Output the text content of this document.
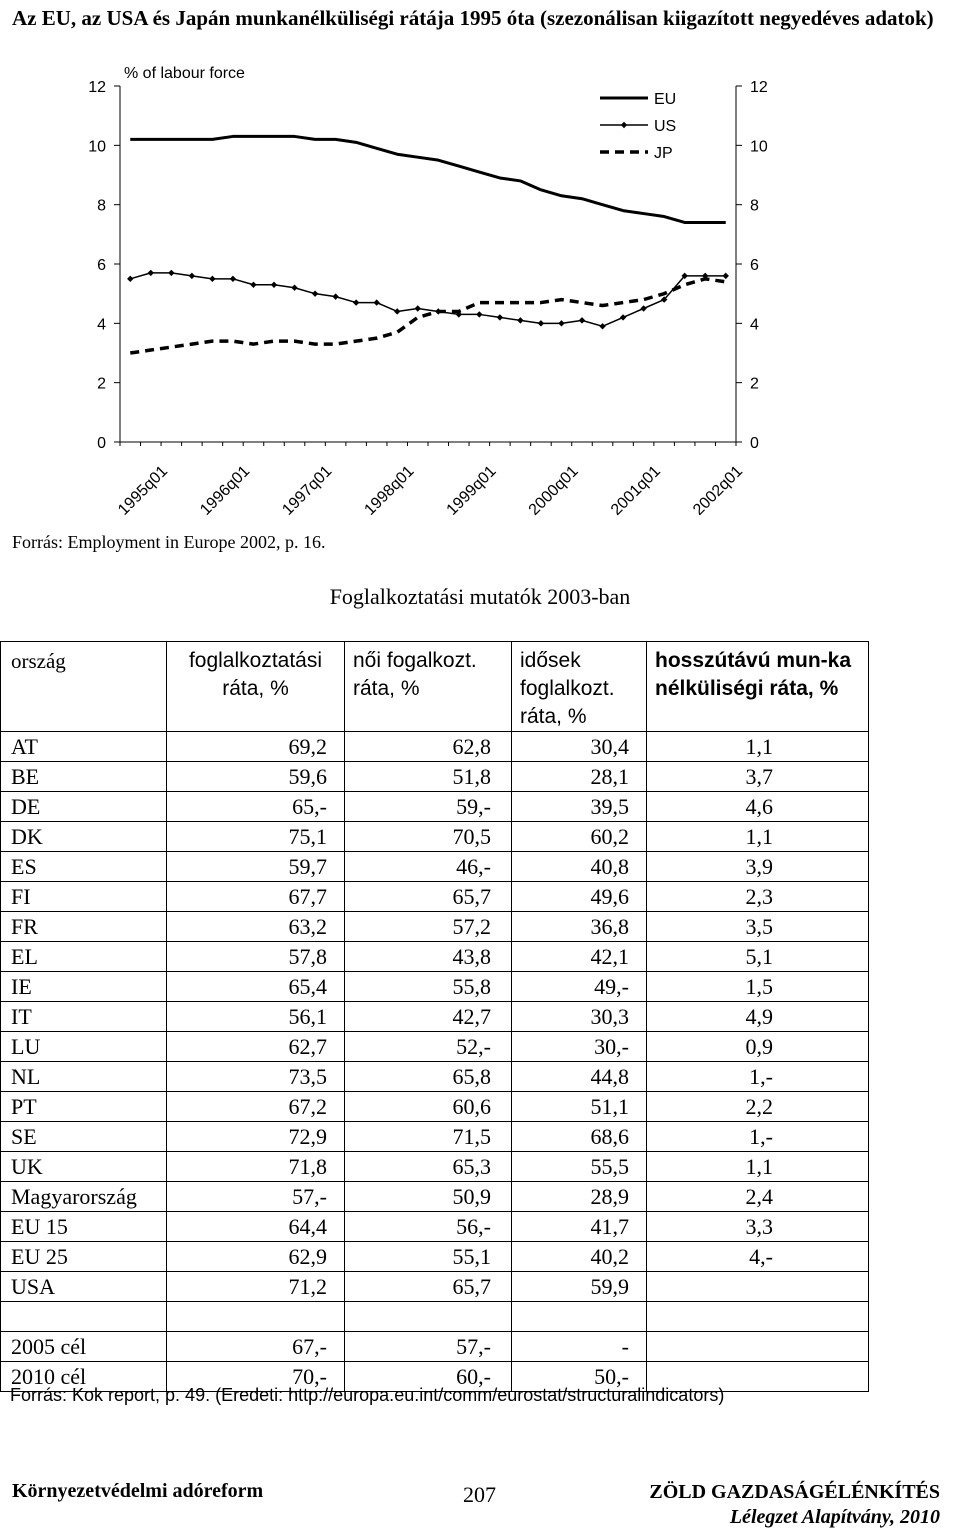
Az EU, az USA és Japán munkanélküliségi rátája 1995 óta (szezonálisan kiigazított negyedéves adatok)
% of labour force
0
2
4
6
8
10
12
0
2
4
6
8
10
12
1995q01 1996q01 1997q01 1998q01 1999q01 2000q01 2001q01 2002q01
EU
US
JP
Forrás: Employment in Europe 2002, p. 16.
Foglalkoztatási mutatók 2003-ban
ország	foglalkoztatási ráta, %	női fogalkozt. ráta, %	idősek foglalkozt. ráta, %	hosszútávú mun-ka nélküliségi ráta, %
AT	69,2	62,8	30,4	1,1
BE	59,6	51,8	28,1	3,7
DE	65,-	59,-	39,5	4,6
DK	75,1	70,5	60,2	1,1
ES	59,7	46,-	40,8	3,9
FI	67,7	65,7	49,6	2,3
FR	63,2	57,2	36,8	3,5
EL	57,8	43,8	42,1	5,1
IE	65,4	55,8	49,-	1,5
IT	56,1	42,7	30,3	4,9
LU	62,7	52,-	30,-	0,9
NL	73,5	65,8	44,8	1,-
PT	67,2	60,6	51,1	2,2
SE	72,9	71,5	68,6	1,-
UK	71,8	65,3	55,5	1,1
Magyarország	57,-	50,9	28,9	2,4
EU 15	64,4	56,-	41,7	3,3
EU 25	62,9	55,1	40,2	4,-
USA	71,2	65,7	59,9	

2005 cél	67,-	57,-	-	
2010 cél	70,-	60,-	50,-	
Forrás: Kok report, p. 49. (Eredeti: http://europa.eu.int/comm/eurostat/structuralindicators)
Környezetvédelmi adóreform	207	ZÖLD GAZDASÁGÉLÉNKÍTÉS
Lélegzet Alapítvány, 2010
